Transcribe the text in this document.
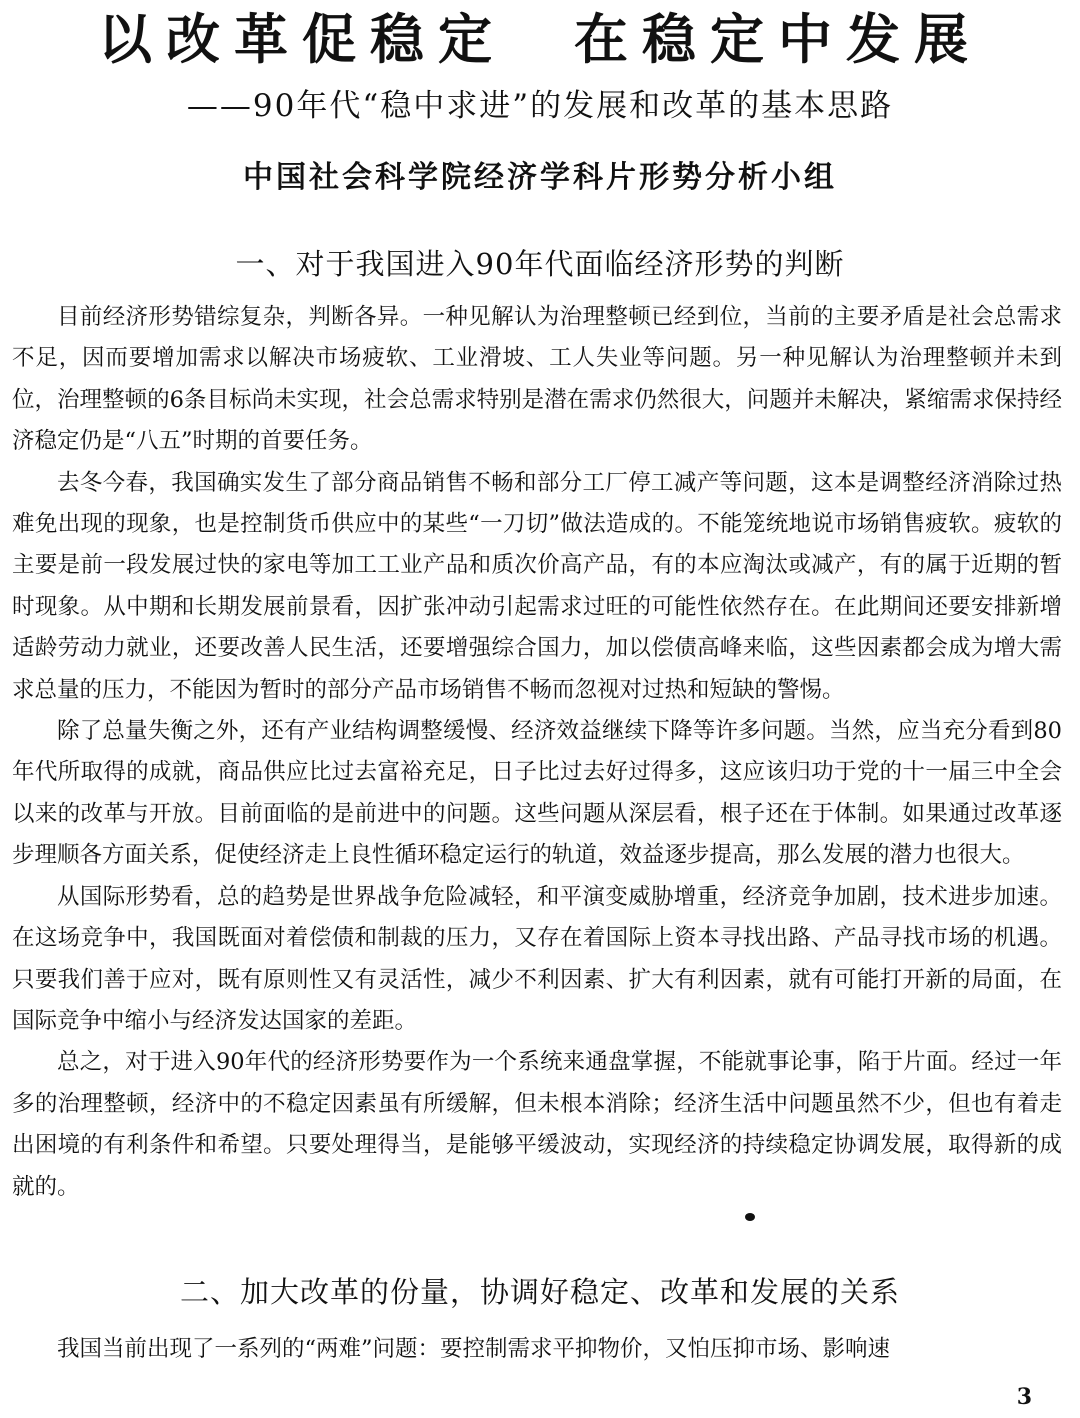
以改革促稳定　在稳定中发展
——90年代“稳中求进”的发展和改革的基本思路
中国社会科学院经济学科片形势分析小组
一、对于我国进入90年代面临经济形势的判断

目前经济形势错综复杂，判断各异。一种见解认为治理整顿已经到位，当前的主要矛盾是社会总需求不足，因而要增加需求以解决市场疲软、工业滑坡、工人失业等问题。另一种见解认为治理整顿并未到位，治理整顿的6条目标尚未实现，社会总需求特别是潜在需求仍然很大，问题并未解决，紧缩需求保持经济稳定仍是“八五”时期的首要任务。

去冬今春，我国确实发生了部分商品销售不畅和部分工厂停工减产等问题，这本是调整经济消除过热难免出现的现象，也是控制货币供应中的某些“一刀切”做法造成的。不能笼统地说市场销售疲软。疲软的主要是前一段发展过快的家电等加工工业产品和质次价高产品，有的本应淘汰或减产，有的属于近期的暂时现象。从中期和长期发展前景看，因扩张冲动引起需求过旺的可能性依然存在。在此期间还要安排新增适龄劳动力就业，还要改善人民生活，还要增强综合国力，加以偿债高峰来临，这些因素都会成为增大需求总量的压力，不能因为暂时的部分产品市场销售不畅而忽视对过热和短缺的警惕。

除了总量失衡之外，还有产业结构调整缓慢、经济效益继续下降等许多问题。当然，应当充分看到80年代所取得的成就，商品供应比过去富裕充足，日子比过去好过得多，这应该归功于党的十一届三中全会以来的改革与开放。目前面临的是前进中的问题。这些问题从深层看，根子还在于体制。如果通过改革逐步理顺各方面关系，促使经济走上良性循环稳定运行的轨道，效益逐步提高，那么发展的潜力也很大。

从国际形势看，总的趋势是世界战争危险减轻，和平演变威胁增重，经济竞争加剧，技术进步加速。在这场竞争中，我国既面对着偿债和制裁的压力，又存在着国际上资本寻找出路、产品寻找市场的机遇。只要我们善于应对，既有原则性又有灵活性，减少不利因素、扩大有利因素，就有可能打开新的局面，在国际竞争中缩小与经济发达国家的差距。

总之，对于进入90年代的经济形势要作为一个系统来通盘掌握，不能就事论事，陷于片面。经过一年多的治理整顿，经济中的不稳定因素虽有所缓解，但未根本消除；经济生活中问题虽然不少，但也有着走出困境的有利条件和希望。只要处理得当，是能够平缓波动，实现经济的持续稳定协调发展，取得新的成就的。

二、加大改革的份量，协调好稳定、改革和发展的关系

我国当前出现了一系列的“两难”问题：要控制需求平抑物价，又怕压抑市场、影响速

3
